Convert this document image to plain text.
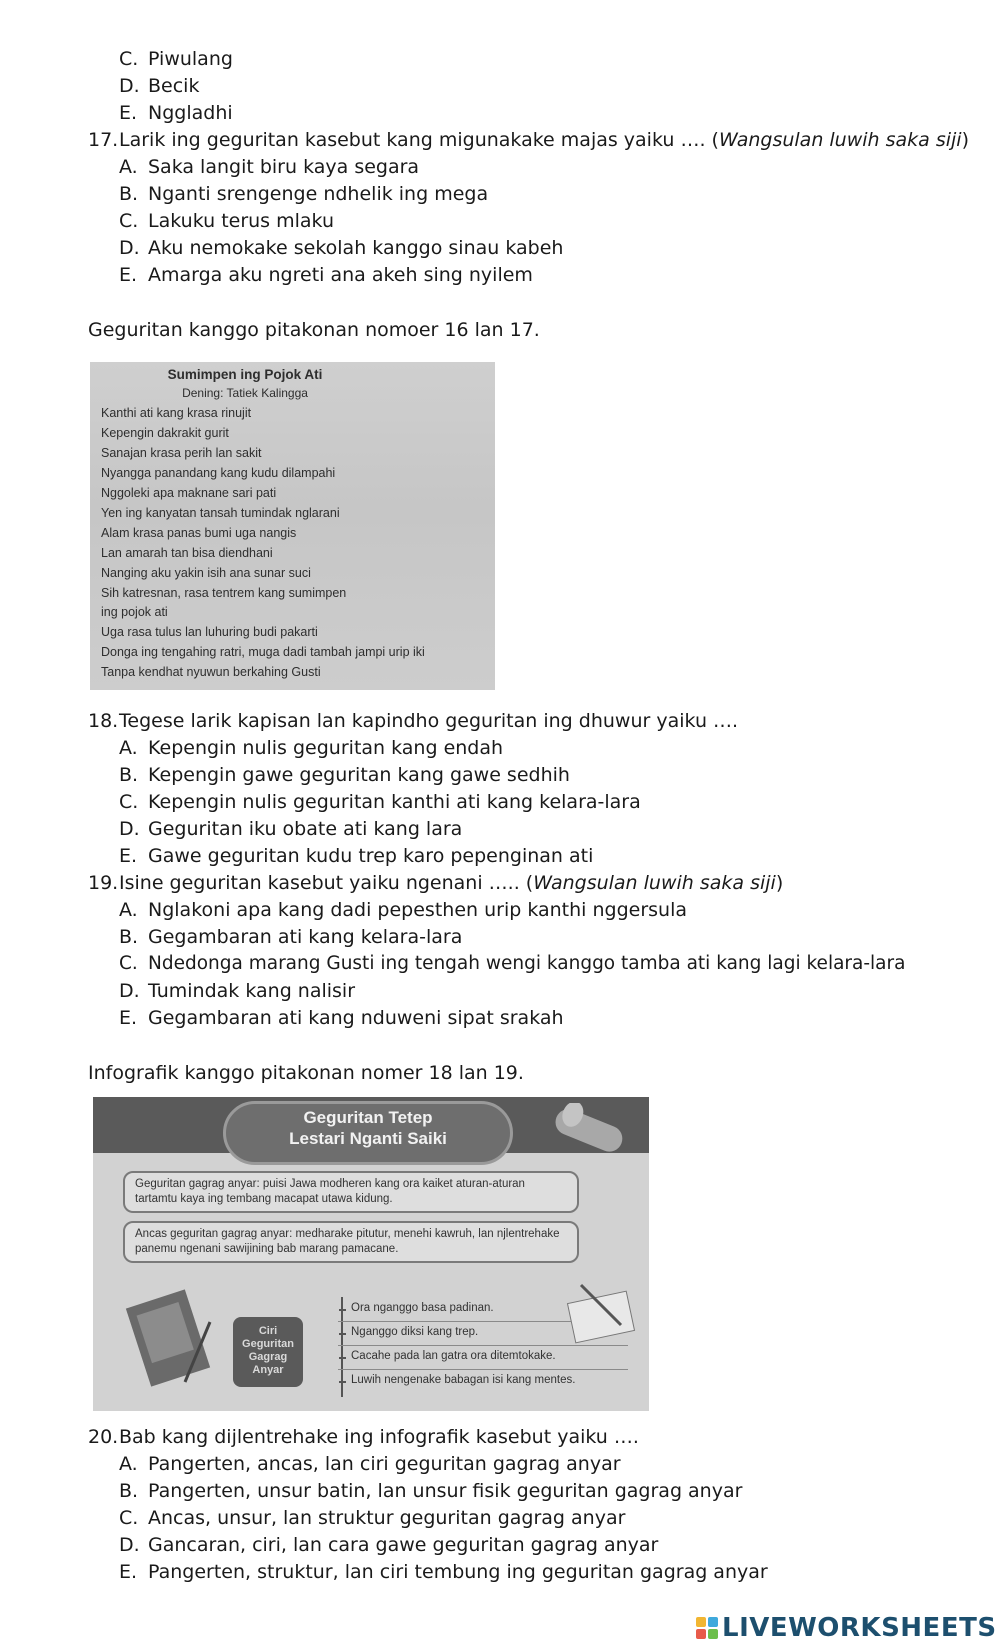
C. Piwulang
D. Becik
E. Nggladhi
17.Larik ing geguritan kasebut kang migunakake majas yaiku …. (Wangsulan luwih saka siji)
A. Saka langit biru kaya segara
B. Nganti srengenge ndhelik ing mega
C. Lakuku terus mlaku
D. Aku nemokake sekolah kanggo sinau kabeh
E. Amarga aku ngreti ana akeh sing nyilem
Geguritan kanggo pitakonan nomoer 16 lan 17.
Sumimpen ing Pojok Ati
Dening: Tatiek Kalingga
Kanthi ati kang krasa rinujit
Kepengin dakrakit gurit
Sanajan krasa perih lan sakit
Nyangga panandang kang kudu dilampahi
Nggoleki apa maknane sari pati
Yen ing kanyatan tansah tumindak nglarani
Alam krasa panas bumi uga nangis
Lan amarah tan bisa diendhani
Nanging aku yakin isih ana sunar suci
Sih katresnan, rasa tentrem kang sumimpen
ing pojok ati
Uga rasa tulus lan luhuring budi pakarti
Donga ing tengahing ratri, muga dadi tambah jampi urip iki
Tanpa kendhat nyuwun berkahing Gusti
18.Tegese larik kapisan lan kapindho geguritan ing dhuwur yaiku ….
A. Kepengin nulis geguritan kang endah
B. Kepengin gawe geguritan kang gawe sedhih
C. Kepengin nulis geguritan kanthi ati kang kelara-lara
D. Geguritan iku obate ati kang lara
E. Gawe geguritan kudu trep karo pepenginan ati
19.Isine geguritan kasebut yaiku ngenani ….. (Wangsulan luwih saka siji)
A. Nglakoni apa kang dadi pepesthen urip kanthi nggersula
B. Gegambaran ati kang kelara-lara
C. Ndedonga marang Gusti ing tengah wengi kanggo tamba ati kang lagi kelara-lara
D. Tumindak kang nalisir
E. Gegambaran ati kang nduweni sipat srakah
Infografik kanggo pitakonan nomer 18 lan 19.
Geguritan Tetep
Lestari Nganti Saiki
Geguritan gagrag anyar: puisi Jawa modheren kang ora kaiket aturan-aturan tartamtu kaya ing tembang macapat utawa kidung.
Ancas geguritan gagrag anyar: medharake pitutur, menehi kawruh, lan njlentrehake panemu ngenani sawijining bab marang pamacane.
Ciri
Geguritan
Gagrag
Anyar
Ora nganggo basa padinan.
Nganggo diksi kang trep.
Cacahe pada lan gatra ora ditemtokake.
Luwih nengenake babagan isi kang mentes.
20.Bab kang dijlentrehake ing infografik kasebut yaiku ….
A. Pangerten, ancas, lan ciri geguritan gagrag anyar
B. Pangerten, unsur batin, lan unsur fisik geguritan gagrag anyar
C. Ancas, unsur, lan struktur geguritan gagrag anyar
D. Gancaran, ciri, lan cara gawe geguritan gagrag anyar
E. Pangerten, struktur, lan ciri tembung ing geguritan gagrag anyar
LIVEWORKSHEETS
